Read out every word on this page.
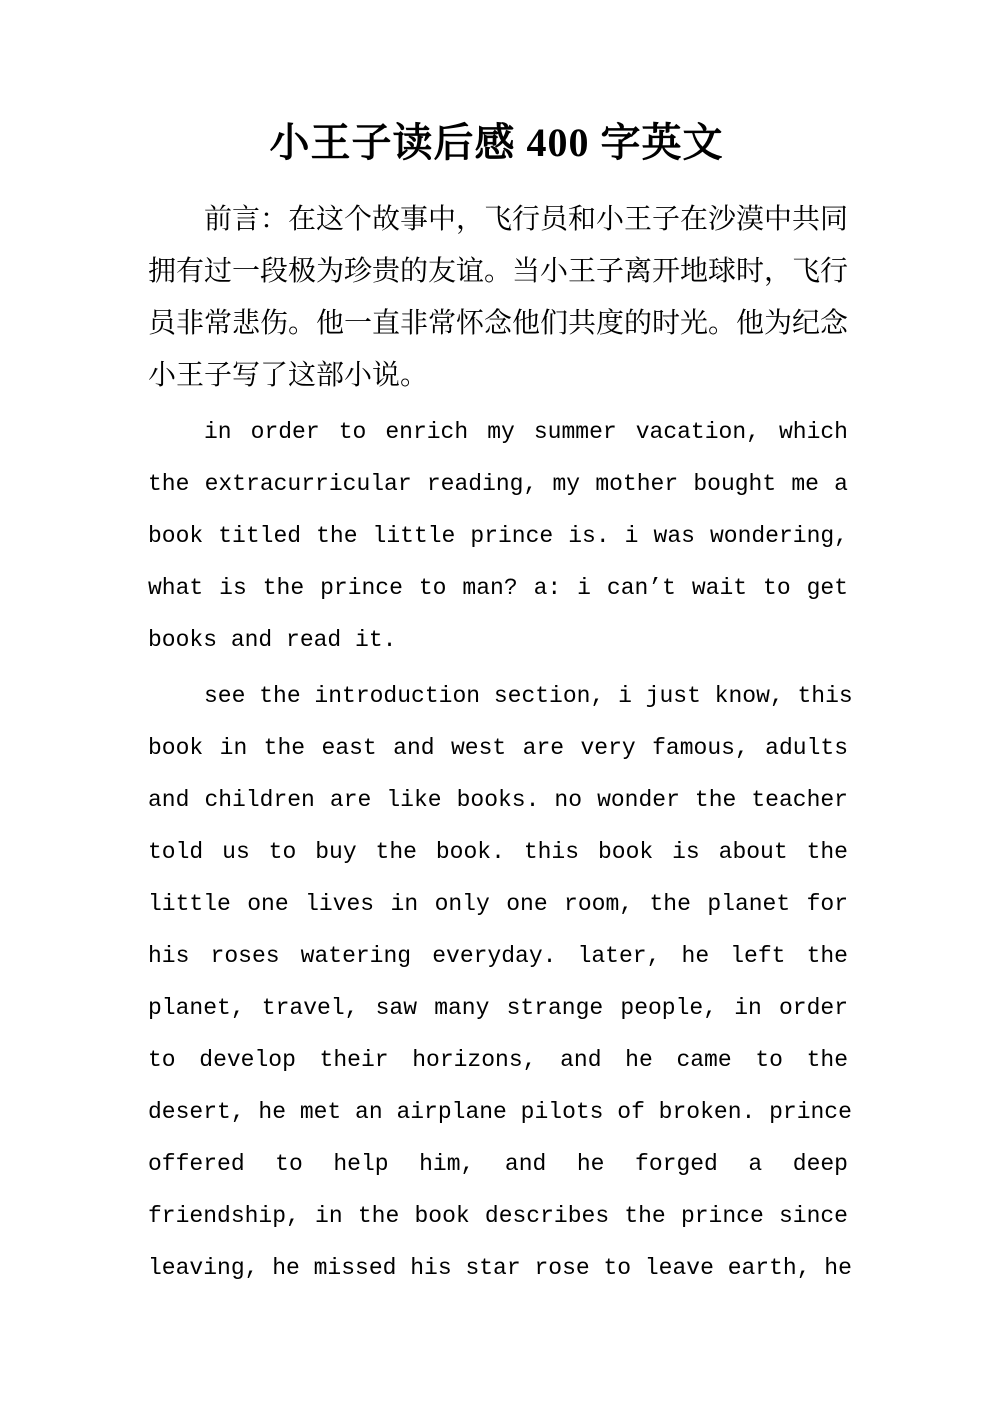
小王子读后感 400 字英文
前言：在这个故事中，飞行员和小王子在沙漠中共同
拥有过一段极为珍贵的友谊。当小王子离开地球时，飞行
员非常悲伤。他一直非常怀念他们共度的时光。他为纪念
小王子写了这部小说。
in order to enrich my summer vacation, which
the extracurricular reading, my mother bought me a
book titled the little prince is. i was wondering,
what is the prince to man? a: i can’t wait to get
books and read it.
see the introduction section, i just know, this
book in the east and west are very famous, adults
and children are like books. no wonder the teacher
told us to buy the book. this book is about the
little one lives in only one room, the planet for
his roses watering everyday. later, he left the
planet, travel, saw many strange people, in order
to develop their horizons, and he came to the
desert, he met an airplane pilots of broken. prince
offered to help him, and he forged a deep
friendship, in the book describes the prince since
leaving, he missed his star rose to leave earth, he
